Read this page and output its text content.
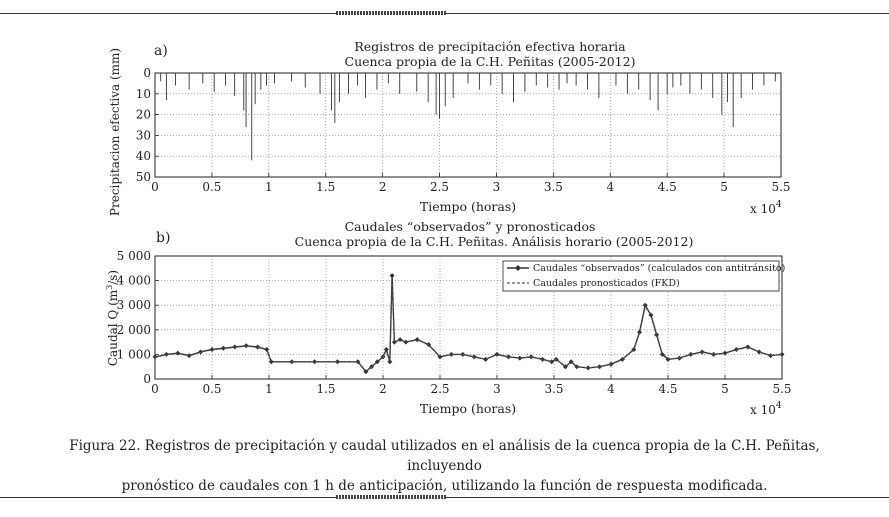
a)	Registros de precipitación efectiva horaria
Cuenca propia de la C.H. Peñitas (2005-2012)
0	0.5	1	1.5	2	2.5	3	3.5	4	4.5	5	5.5
0
10
20
30
40
50
Tiempo (horas)	x $10^4$
Precipitacion efectiva (mm)
b)
Caudales “observados” y pronosticados
Cuenca propia de la C.H. Peñitas. Análisis horario (2005-2012)
0	0.5	1	1.5	2	2.5	3	3.5	4	4.5	5	5.5
0
1 000
2 000
3 000
4 000
5 000
Tiempo (horas)	x $10^4$
Caudal Q $(m^3/s)$
Caudales “observados” (calculados con antitránsito)
Caudales pronosticados (FKD)
Figura 22. Registros de precipitación y caudal utilizados en el análisis de la cuenca propia de la C.H. Peñitas, incluyendo
pronóstico de caudales con 1 h de anticipación, utilizando la función de respuesta modificada.
